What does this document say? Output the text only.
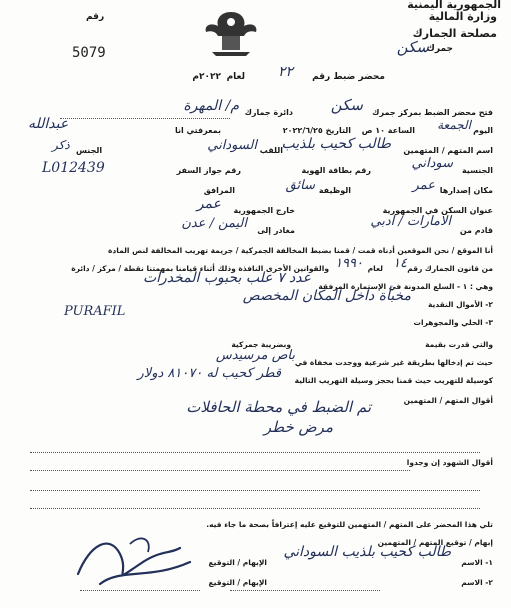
الجمهورية اليمنية
وزارة المالية
مصلحة الجمارك
جمرك
سكن
رقم
5079
محضر ضبط رقم
٢٢
لعام
٢٠٢٢م
فتح محضر الضبط بمركز جمرك
سكن
دائرة جمارك
م/ المهرة
اليوم
الجمعة
الساعة ١٠ ص
التاريخ ٢٠٢٢/٦/٢٥
بمعرفتي انا
عبدالله
اسم المتهم / المتهمين
طالب كحيب بلذيب
اللقب
السوداني
الجنس
ذكر
الجنسية
سوداني
رقم بطاقة الهوية
رقم جواز السفر
L012439
مكان إصدارها
عمر
الوظيفة
سائق
المرافق
عنوان السكن في الجمهورية
خارج الجمهورية
عمر
قادم من
الامارات / ادبي
مغادر إلى
اليمن / عدن
أنا الموقع / نحن الموقعين أدناه قمت / قمنا بضبط المخالفة الجمركية / جريمة تهريب المخالفة لنص المادة
من قانون الجمارك رقم
١٤
لعام
١٩٩٠
والقوانين الأخرى النافذة وذلك أثناء قيامنا بمهمتنا نقطة / مركز / دائرة
وهي : ١ - السلع المدونة في الإستمارة المرفقة
عدد ٧ علب بحبوب المخدرات
٢- الأموال النقدية
مخبأة داخل المكان المخصص
٣- الحلي والمجوهرات
PURAFIL
والتي قدرت بقيمة
وبضريبة جمركية
حيث تم إدخالها بطريقة غير شرعية ووجدت مخفاة في
باص مرسيدس
كوسيلة للتهريب حيث قمنا بحجز وسيلة التهريب التالية
قطر كحيب له ٨١٠٧٠ دولار
أقوال المتهم / المتهمين
تم الضبط في محطة الحافلات
مرض خطر
أقوال الشهود إن وجدوا
تلي هذا المحضر على المتهم / المتهمين للتوقيع عليه إعترافاً بصحة ما جاء فيه.
إبهام / توقيع المتهم / المتهمين
١- الاسم
طالب كحيب بلذيب السوداني
الإبهام / التوقيع
٢- الاسم
الإبهام / التوقيع
